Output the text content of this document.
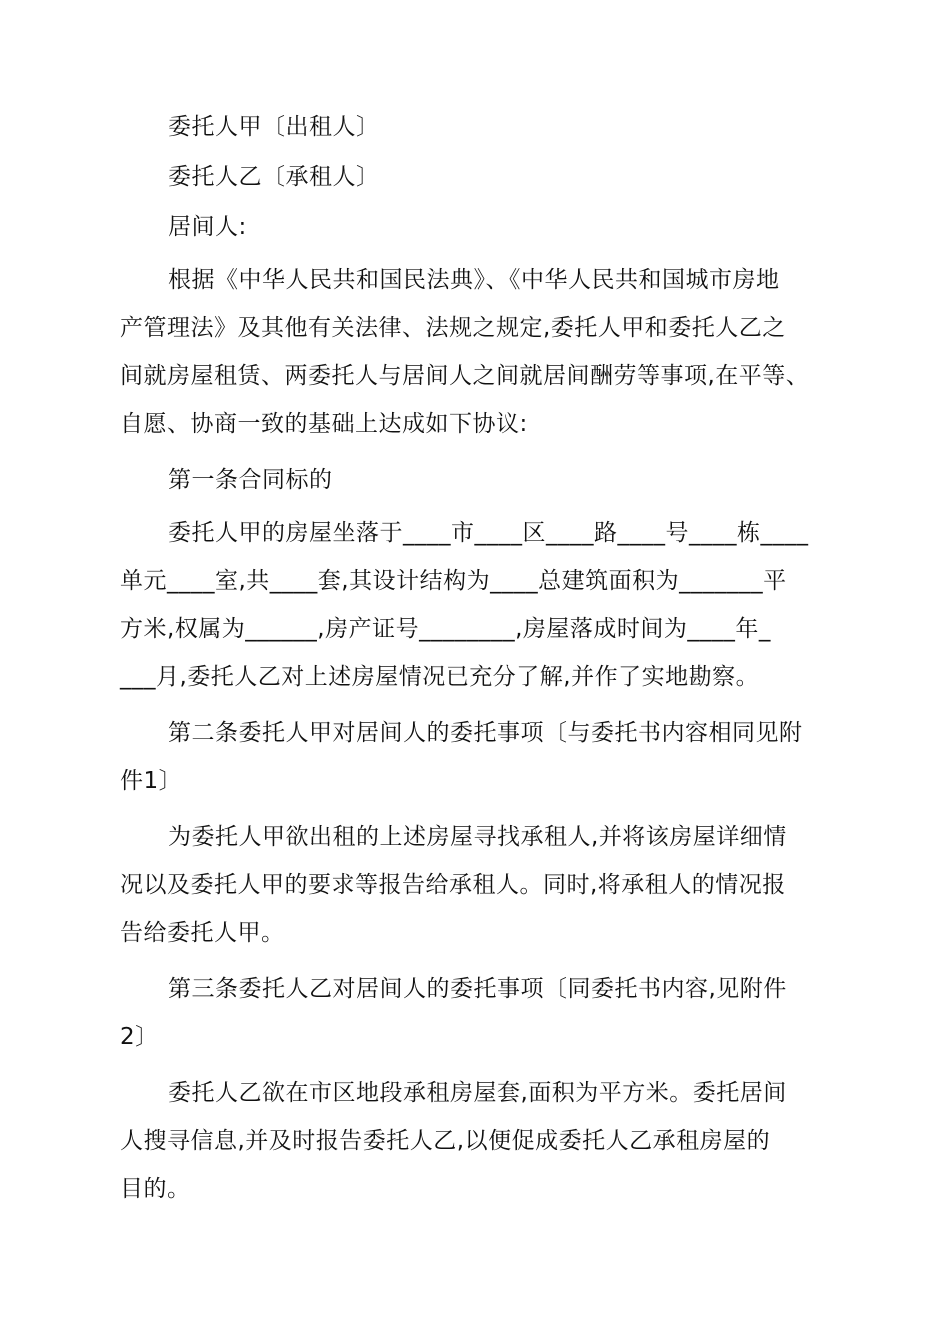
委托人甲〔出租人〕
委托人乙〔承租人〕
居间人:
根据《中华人民共和国民法典》、《中华人民共和国城市房地
产管理法》及其他有关法律、法规之规定,委托人甲和委托人乙之
间就房屋租赁、两委托人与居间人之间就居间酬劳等事项,在平等、
自愿、协商一致的基础上达成如下协议:
第一条合同标的
委托人甲的房屋坐落于____市____区____路____号____栋____
单元____室,共____套,其设计结构为____总建筑面积为_______平
方米,权属为______,房产证号________,房屋落成时间为____年_
___月,委托人乙对上述房屋情况已充分了解,并作了实地勘察。
第二条委托人甲对居间人的委托事项〔与委托书内容相同见附
件1〕
为委托人甲欲出租的上述房屋寻找承租人,并将该房屋详细情
况以及委托人甲的要求等报告给承租人。同时,将承租人的情况报
告给委托人甲。
第三条委托人乙对居间人的委托事项〔同委托书内容,见附件
2〕
委托人乙欲在市区地段承租房屋套,面积为平方米。委托居间
人搜寻信息,并及时报告委托人乙,以便促成委托人乙承租房屋的
目的。
